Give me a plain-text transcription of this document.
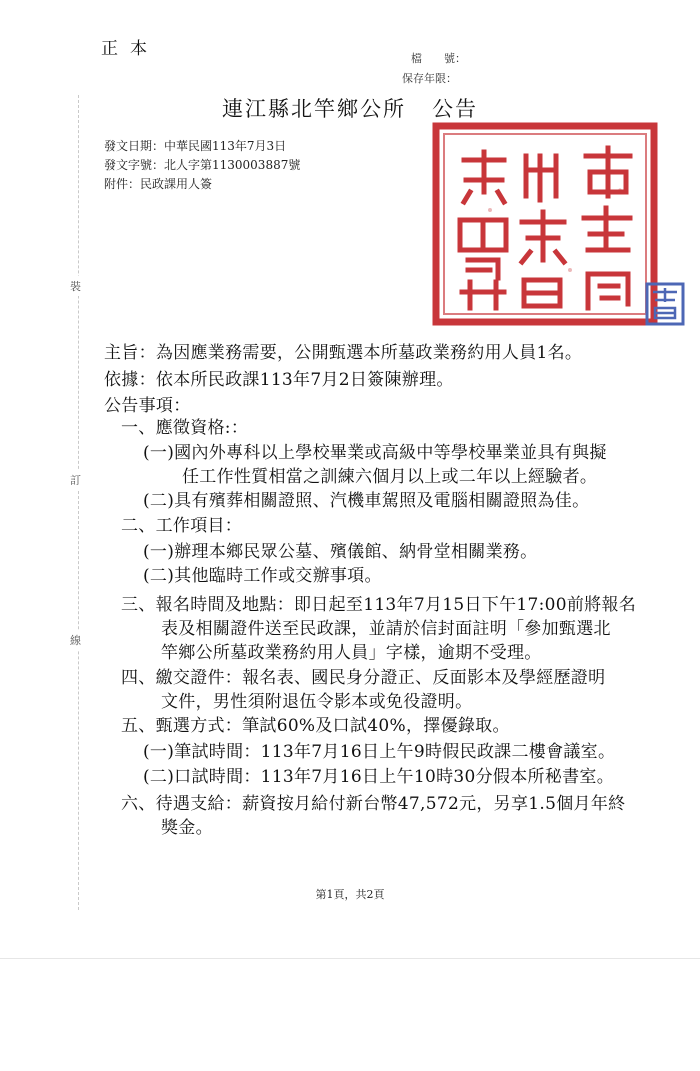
正本	檔　　號：
保存年限：
連江縣北竿鄉公所 公告
發文日期：中華民國113年7月3日
發文字號：北人字第1130003887號
附件：民政課用人簽
裝
訂
線
主旨：為因應業務需要，公開甄選本所墓政業務約用人員1名。
依據：依本所民政課113年7月2日簽陳辦理。
公告事項：
一、應徵資格:：
(一)國內外專科以上學校畢業或高級中等學校畢業並具有與擬
任工作性質相當之訓練六個月以上或二年以上經驗者。
(二)具有殯葬相關證照、汽機車駕照及電腦相關證照為佳。
二、工作項目：
(一)辦理本鄉民眾公墓、殯儀館、納骨堂相關業務。
(二)其他臨時工作或交辦事項。
三、報名時間及地點：即日起至113年7月15日下午17:00前將報名
表及相關證件送至民政課，並請於信封面註明「參加甄選北
竿鄉公所墓政業務約用人員」字樣，逾期不受理。
四、繳交證件：報名表、國民身分證正、反面影本及學經歷證明
文件，男性須附退伍令影本或免役證明。
五、甄選方式：筆試60%及口試40%，擇優錄取。
(一)筆試時間：113年7月16日上午9時假民政課二樓會議室。
(二)口試時間：113年7月16日上午10時30分假本所秘書室。
六、待遇支給：薪資按月給付新台幣47,572元，另享1.5個月年終
獎金。
第1頁，共2頁
